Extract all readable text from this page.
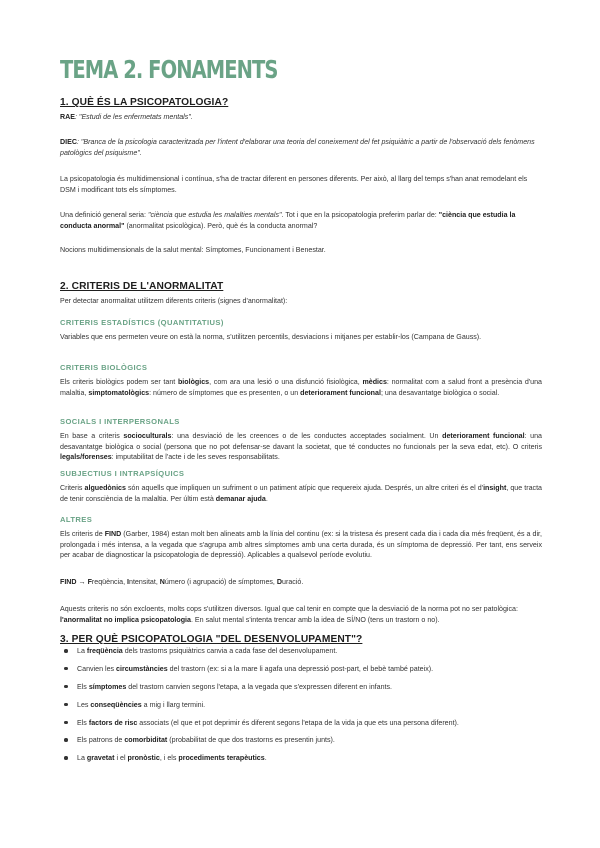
TEMA 2. FONAMENTS
1. QUÈ ÉS LA PSICOPATOLOGIA?
RAE: "Estudi de les enfermetats mentals".
DIEC: "Branca de la psicologia caracteritzada per l'intent d'elaborar una teoria del coneixement del fet psiquiàtric a partir de l'observació dels fenòmens patològics del psiquisme".
La psicopatologia és multidimensional i contínua, s'ha de tractar diferent en persones diferents. Per això, al llarg del temps s'han anat remodelant els DSM i modificant tots els símptomes.
Una definició general seria: "ciència que estudia les malalties mentals". Tot i que en la psicopatologia preferim parlar de: "ciència que estudia la conducta anormal" (anormalitat psicològica). Però, què és la conducta anormal?
Nocions multidimensionals de la salut mental: Símptomes, Funcionament i Benestar.
2. CRITERIS DE L'ANORMALITAT
Per detectar anormalitat utilitzem diferents criteris (signes d'anormalitat):
CRITERIS ESTADÍSTICS (QUANTITATIUS)
Variables que ens permeten veure on està la norma, s'utilitzen percentils, desviacions i mitjanes per establir-los (Campana de Gauss).
CRITERIS BIOLÒGICS
Els criteris biològics podem ser tant biològics, com ara una lesió o una disfunció fisiològica, mèdics: normalitat com a salud front a presència d'una malaltia, simptomatològics: número de símptomes que es presenten, o un deteriorament funcional; una desavantatge biològica o social.
SOCIALS I INTERPERSONALS
En base a criteris socioculturals: una desviació de les creences o de les conductes acceptades socialment. Un deteriorament funcional: una desavantatge biològica o social (persona que no pot defensar-se davant la societat, que té conductes no funcionals per la seva edat, etc). O criteris legals/forenses: imputabilitat de l'acte i de les seves responsabilitats.
SUBJECTIUS I INTRAPSÍQUICS
Criteris alguedònics són aquells que impliquen un sufriment o un patiment atípic que requereix ajuda. Després, un altre criteri és el d'insight, que tracta de tenir consciència de la malaltia. Per últim està demanar ajuda.
ALTRES
Els criteris de FIND (Garber, 1984) estan molt ben alineats amb la línia del continu (ex: si la tristesa és present cada dia i cada dia més freqüent, és a dir, prolongada i més intensa, a la vegada que s'agrupa amb altres símptomes amb una certa durada, és un símptoma de depressió. Per tant, ens serveix per acabar de diagnosticar la psicopatologia de depressió). Aplicables a qualsevol període evolutiu.
FIND → Freqüència, Intensitat, Número (i agrupació) de símptomes, Duració.
Aquests criteris no són excloents, molts cops s'utilitzen diversos. Igual que cal tenir en compte que la desviació de la norma pot no ser patològica: l'anormalitat no implica psicopatologia. En salut mental s'intenta trencar amb la idea de SÍ/NO (tens un trastorn o no).
3. PER QUÈ PSICOPATOLOGIA "DEL DESENVOLUPAMENT"?
La freqüència dels trastorns psiquiàtrics canvia a cada fase del desenvolupament.
Canvien les circumstàncies del trastorn (ex: si a la mare li agafa una depressió post-part, el bebè també pateix).
Els símptomes del trastorn canvien segons l'etapa, a la vegada que s'expressen diferent en infants.
Les conseqüències a mig i llarg termini.
Els factors de risc associats (el que et pot deprimir és diferent segons l'etapa de la vida ja que ets una persona diferent).
Els patrons de comorbiditat (probabilitat de que dos trastorns es presentin junts).
La gravetat i el pronòstic, i els procediments terapèutics.
